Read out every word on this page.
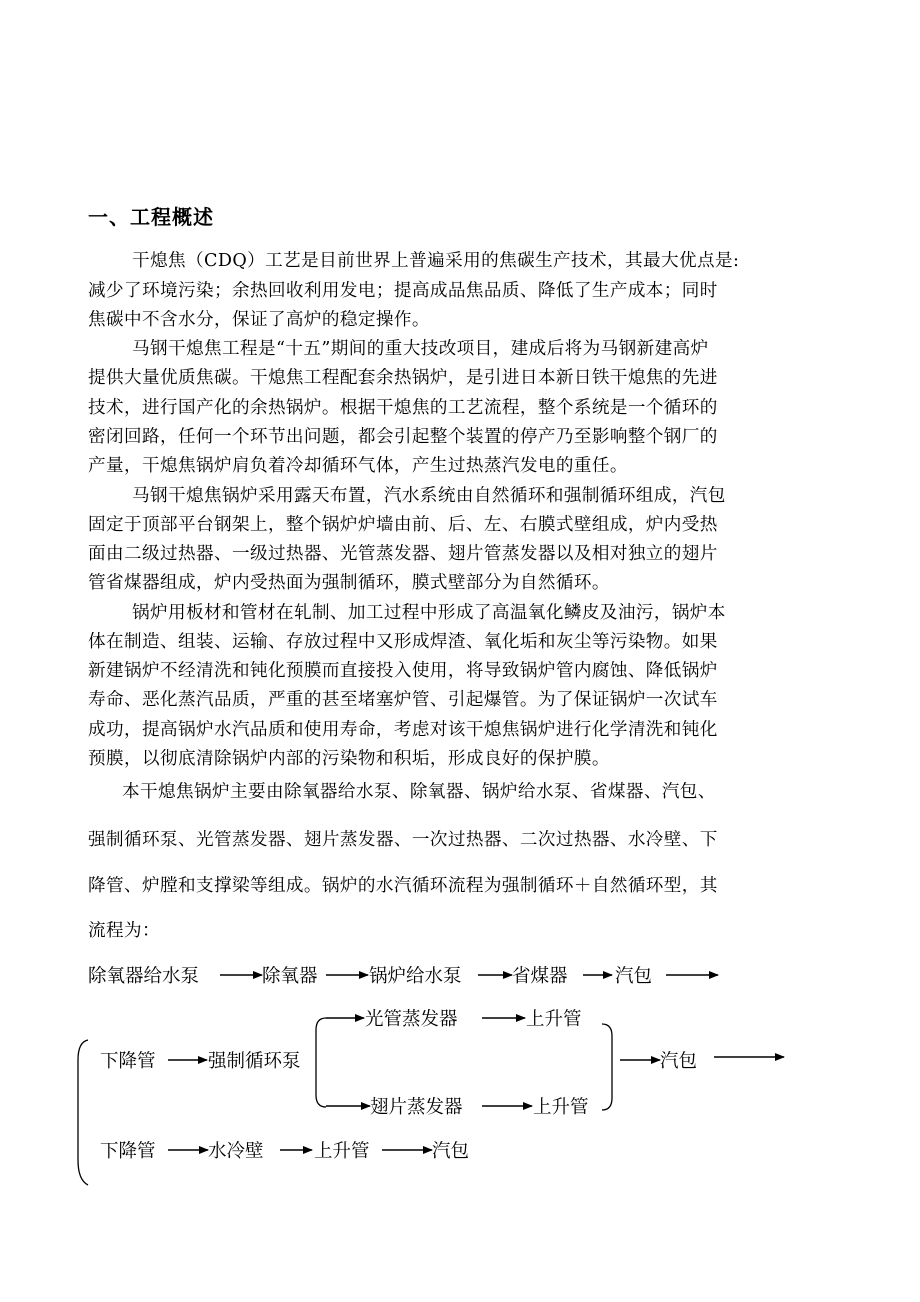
一、工程概述
干熄焦（CDQ）工艺是目前世界上普遍采用的焦碳生产技术，其最大优点是:
减少了环境污染；余热回收利用发电；提高成品焦品质、降低了生产成本；同时
焦碳中不含水分，保证了高炉的稳定操作。
马钢干熄焦工程是“十五”期间的重大技改项目，建成后将为马钢新建高炉
提供大量优质焦碳。干熄焦工程配套余热锅炉，是引进日本新日铁干熄焦的先进
技术，进行国产化的余热锅炉。根据干熄焦的工艺流程，整个系统是一个循环的
密闭回路，任何一个环节出问题，都会引起整个装置的停产乃至影响整个钢厂的
产量，干熄焦锅炉肩负着冷却循环气体，产生过热蒸汽发电的重任。
马钢干熄焦锅炉采用露天布置，汽水系统由自然循环和强制循环组成，汽包
固定于顶部平台钢架上，整个锅炉炉墙由前、后、左、右膜式壁组成，炉内受热
面由二级过热器、一级过热器、光管蒸发器、翅片管蒸发器以及相对独立的翅片
管省煤器组成，炉内受热面为强制循环，膜式壁部分为自然循环。
锅炉用板材和管材在轧制、加工过程中形成了高温氧化鳞皮及油污，锅炉本
体在制造、组装、运输、存放过程中又形成焊渣、氧化垢和灰尘等污染物。如果
新建锅炉不经清洗和钝化预膜而直接投入使用，将导致锅炉管内腐蚀、降低锅炉
寿命、恶化蒸汽品质，严重的甚至堵塞炉管、引起爆管。为了保证锅炉一次试车
成功，提高锅炉水汽品质和使用寿命，考虑对该干熄焦锅炉进行化学清洗和钝化
预膜，以彻底清除锅炉内部的污染物和积垢，形成良好的保护膜。
本干熄焦锅炉主要由除氧器给水泵、除氧器、锅炉给水泵、省煤器、汽包、
强制循环泵、光管蒸发器、翅片蒸发器、一次过热器、二次过热器、水冷壁、下
降管、炉膛和支撑梁等组成。锅炉的水汽循环流程为强制循环＋自然循环型，其
流程为：
除氧器给水泵	除氧器	锅炉给水泵	省煤器	汽包
光管蒸发器	上升管
下降管	强制循环泵	汽包
翅片蒸发器	上升管
下降管	水冷壁	上升管	汽包
